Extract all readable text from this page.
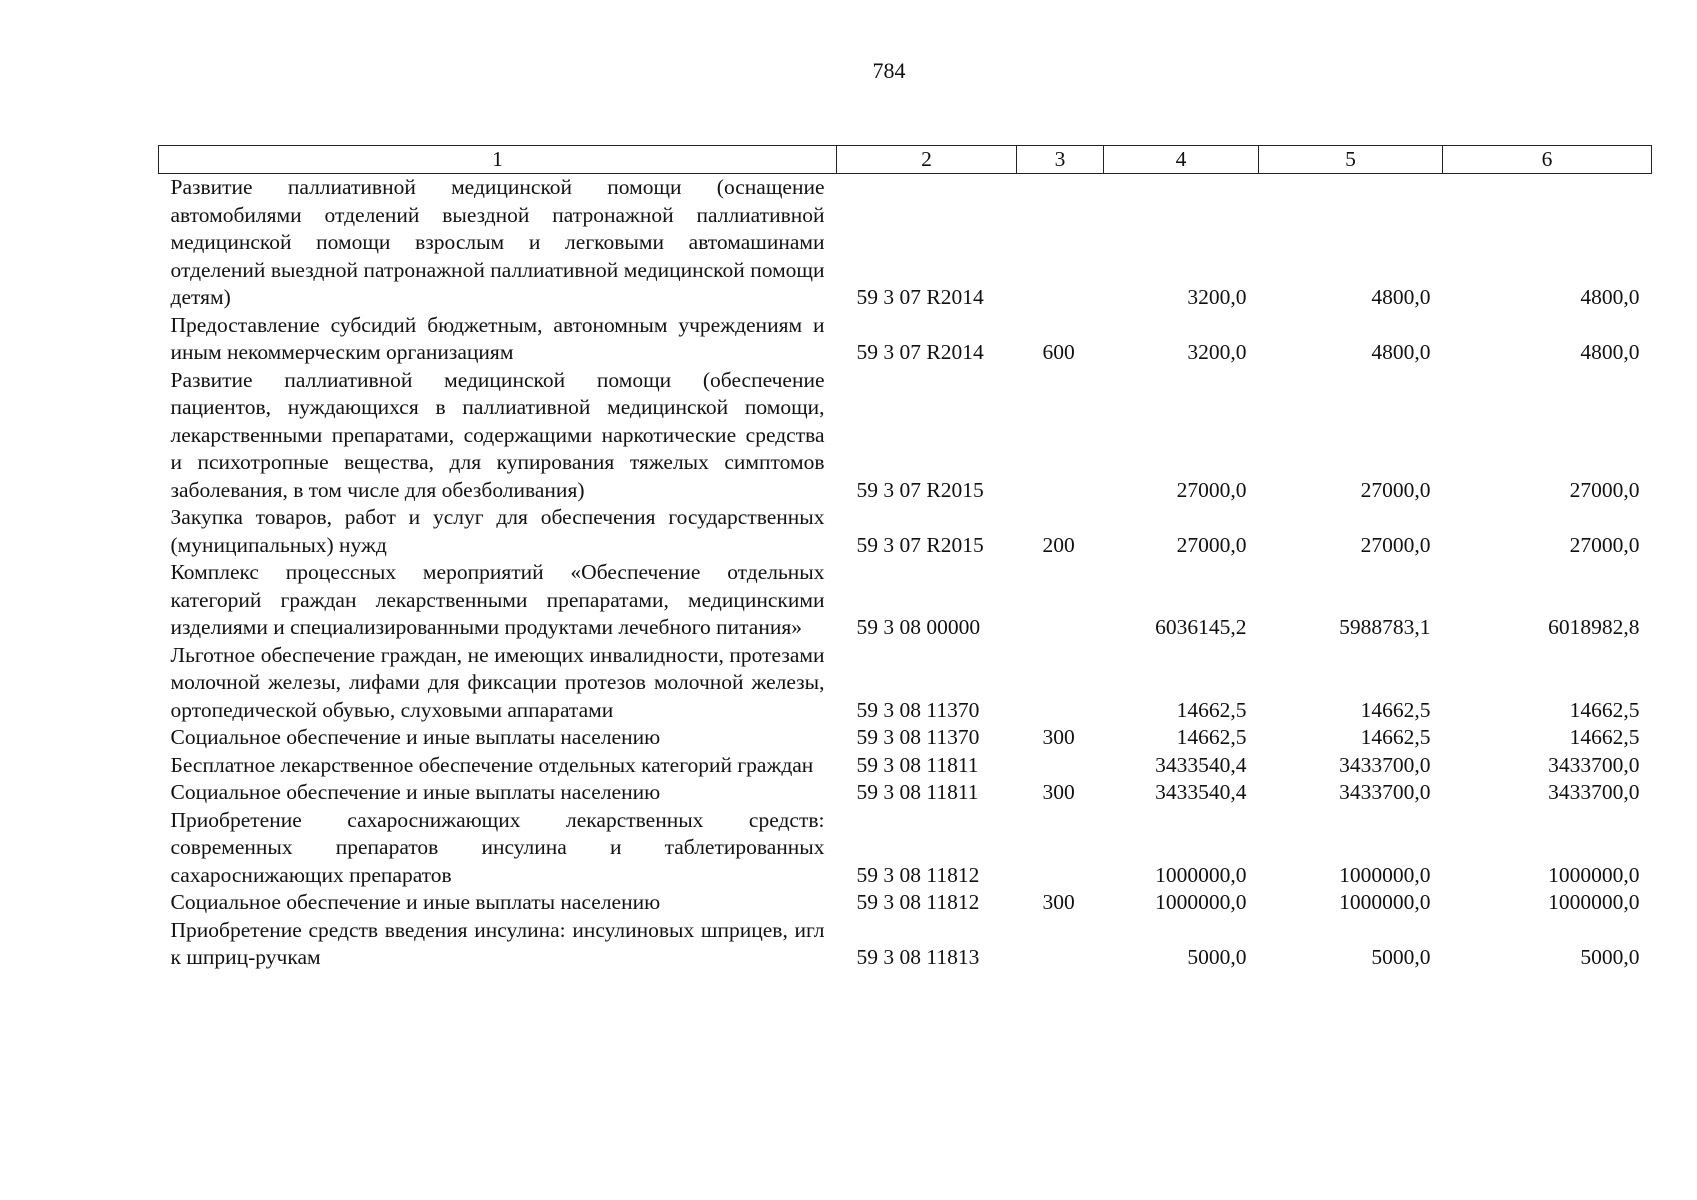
784
1	2	3	4	5	6
Развитие паллиативной медицинской помощи (оснащение автомобилями отделений выездной патронажной паллиативной медицинской помощи взрослым и легковыми автомашинами отделений выездной патронажной паллиативной медицинской помощи детям)	59 3 07 R2014		3200,0	4800,0	4800,0
Предоставление субсидий бюджетным, автономным учреждениям и иным некоммерческим организациям	59 3 07 R2014	600	3200,0	4800,0	4800,0
Развитие паллиативной медицинской помощи (обеспечение пациентов, нуждающихся в паллиативной медицинской помощи, лекарственными препаратами, содержащими наркотические средства и психотропные вещества, для купирования тяжелых симптомов заболевания, в том числе для обезболивания)	59 3 07 R2015		27000,0	27000,0	27000,0
Закупка товаров, работ и услуг для обеспечения государственных (муниципальных) нужд	59 3 07 R2015	200	27000,0	27000,0	27000,0
Комплекс процессных мероприятий «Обеспечение отдельных категорий граждан лекарственными препаратами, медицинскими изделиями и специализированными продуктами лечебного питания»	59 3 08 00000		6036145,2	5988783,1	6018982,8
Льготное обеспечение граждан, не имеющих инвалидности, протезами молочной железы, лифами для фиксации протезов молочной железы, ортопедической обувью, слуховыми аппаратами	59 3 08 11370		14662,5	14662,5	14662,5
Социальное обеспечение и иные выплаты населению	59 3 08 11370	300	14662,5	14662,5	14662,5
Бесплатное лекарственное обеспечение отдельных категорий граждан	59 3 08 11811		3433540,4	3433700,0	3433700,0
Социальное обеспечение и иные выплаты населению	59 3 08 11811	300	3433540,4	3433700,0	3433700,0
Приобретение сахароснижающих лекарственных средств: современных препаратов инсулина и таблетированных сахароснижающих препаратов	59 3 08 11812		1000000,0	1000000,0	1000000,0
Социальное обеспечение и иные выплаты населению	59 3 08 11812	300	1000000,0	1000000,0	1000000,0
Приобретение средств введения инсулина: инсулиновых шприцев, игл к шприц-ручкам	59 3 08 11813		5000,0	5000,0	5000,0
